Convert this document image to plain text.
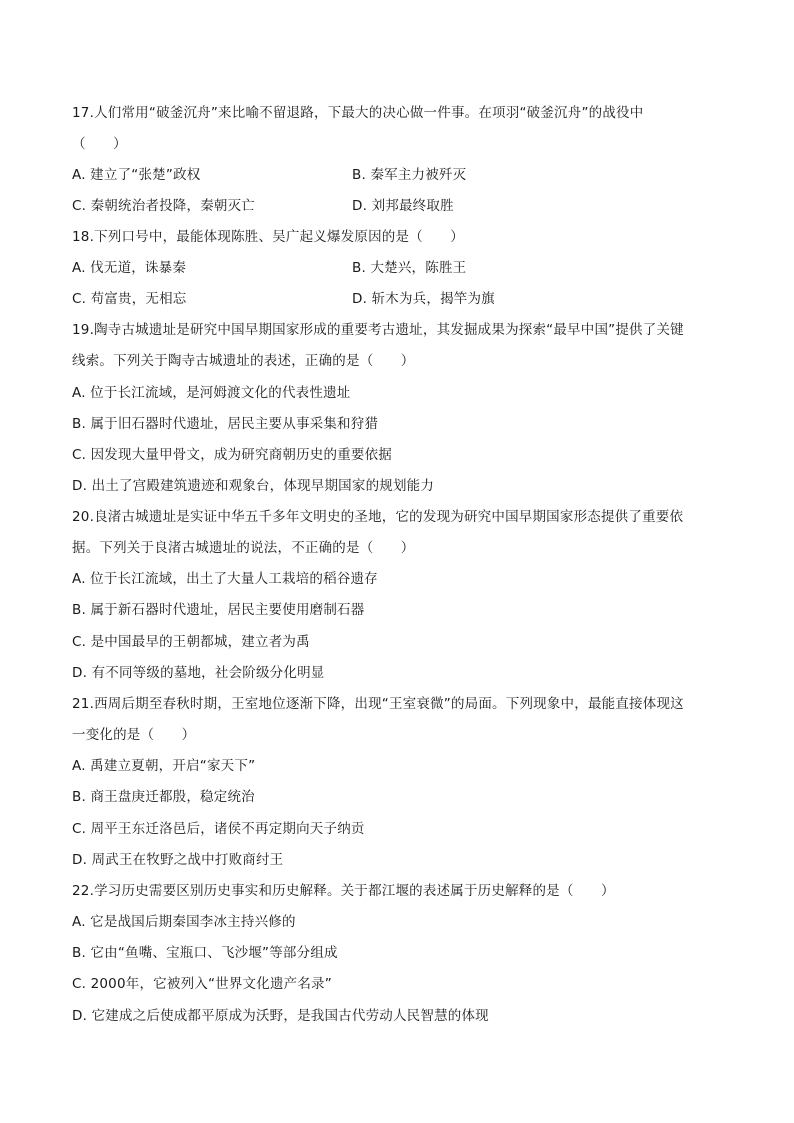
17.人们常用“破釜沉舟”来比喻不留退路，下最大的决心做一件事。在项羽“破釜沉舟”的战役中
（　　）
A. 建立了“张楚”政权	B. 秦军主力被歼灭
C. 秦朝统治者投降，秦朝灭亡	D. 刘邦最终取胜
18.下列口号中，最能体现陈胜、吴广起义爆发原因的是（　　）
A. 伐无道，诛暴秦	B. 大楚兴，陈胜王
C. 苟富贵，无相忘	D. 斩木为兵，揭竿为旗
19.陶寺古城遗址是研究中国早期国家形成的重要考古遗址，其发掘成果为探索“最早中国”提供了关键
线索。下列关于陶寺古城遗址的表述，正确的是（　　）
A. 位于长江流域，是河姆渡文化的代表性遗址
B. 属于旧石器时代遗址，居民主要从事采集和狩猎
C. 因发现大量甲骨文，成为研究商朝历史的重要依据
D. 出土了宫殿建筑遗迹和观象台，体现早期国家的规划能力
20.良渚古城遗址是实证中华五千多年文明史的圣地，它的发现为研究中国早期国家形态提供了重要依
据。下列关于良渚古城遗址的说法，不正确的是（　　）
A. 位于长江流域，出土了大量人工栽培的稻谷遗存
B. 属于新石器时代遗址，居民主要使用磨制石器
C. 是中国最早的王朝都城，建立者为禹
D. 有不同等级的墓地，社会阶级分化明显
21.西周后期至春秋时期，王室地位逐渐下降，出现“王室衰微”的局面。下列现象中，最能直接体现这
一变化的是（　　）
A. 禹建立夏朝，开启“家天下”
B. 商王盘庚迁都殷，稳定统治
C. 周平王东迁洛邑后，诸侯不再定期向天子纳贡
D. 周武王在牧野之战中打败商纣王
22.学习历史需要区别历史事实和历史解释。关于都江堰的表述属于历史解释的是（　　）
A. 它是战国后期秦国李冰主持兴修的
B. 它由“鱼嘴、宝瓶口、飞沙堰”等部分组成
C. 2000年，它被列入“世界文化遗产名录”
D. 它建成之后使成都平原成为沃野，是我国古代劳动人民智慧的体现
